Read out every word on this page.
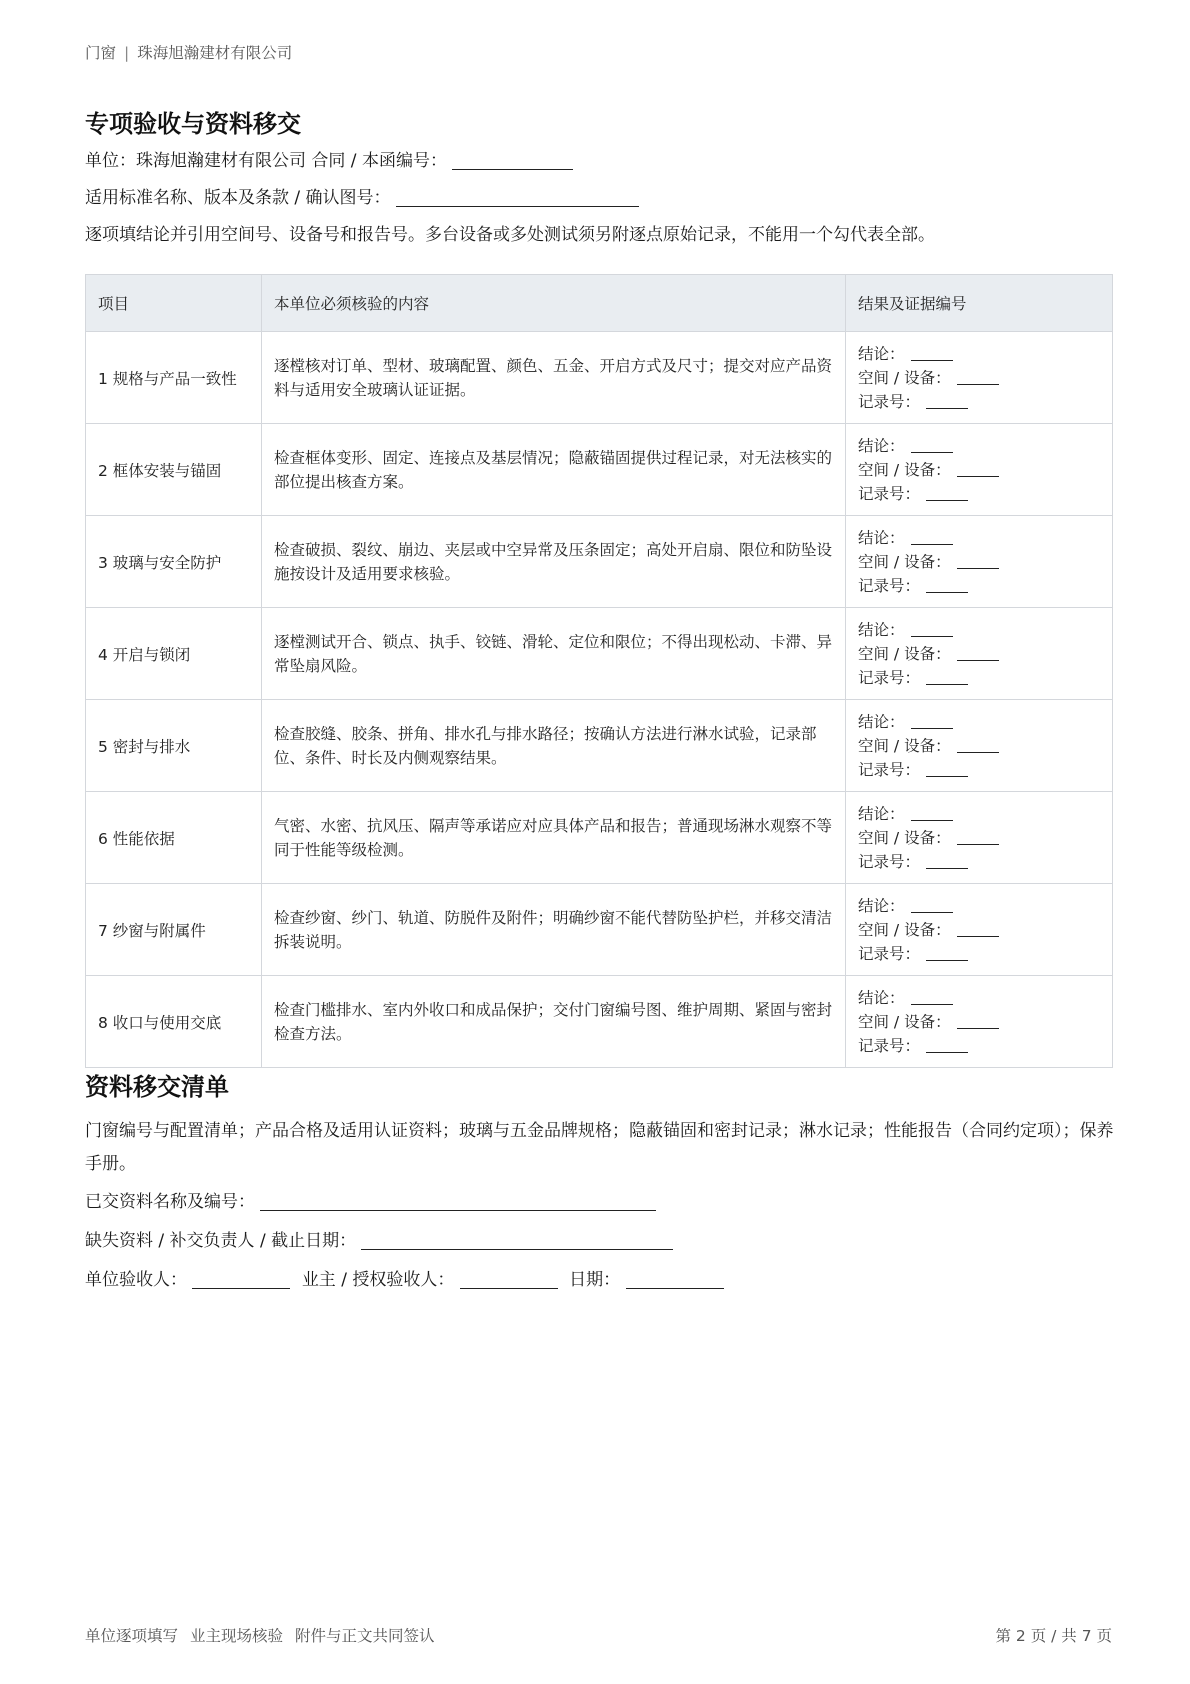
门窗 | 珠海旭瀚建材有限公司
专项验收与资料移交
单位：珠海旭瀚建材有限公司 合同 / 本函编号：
适用标准名称、版本及条款 / 确认图号：
逐项填结论并引用空间号、设备号和报告号。多台设备或多处测试须另附逐点原始记录，不能用一个勾代表全部。
项目	本单位必须核验的内容	结果及证据编号
1 规格与产品一致性	逐樘核对订单、型材、玻璃配置、颜色、五金、开启方式及尺寸；提交对应产品资料与适用安全玻璃认证证据。	结论：
空间 / 设备：
记录号：

2 框体安装与锚固	检查框体变形、固定、连接点及基层情况；隐蔽锚固提供过程记录，对无法核实的部位提出核查方案。	结论：
空间 / 设备：
记录号：

3 玻璃与安全防护	检查破损、裂纹、崩边、夹层或中空异常及压条固定；高处开启扇、限位和防坠设施按设计及适用要求核验。	结论：
空间 / 设备：
记录号：

4 开启与锁闭	逐樘测试开合、锁点、执手、铰链、滑轮、定位和限位；不得出现松动、卡滞、异常坠扇风险。	结论：
空间 / 设备：
记录号：

5 密封与排水	检查胶缝、胶条、拼角、排水孔与排水路径；按确认方法进行淋水试验，记录部位、条件、时长及内侧观察结果。	结论：
空间 / 设备：
记录号：

6 性能依据	气密、水密、抗风压、隔声等承诺应对应具体产品和报告；普通现场淋水观察不等同于性能等级检测。	结论：
空间 / 设备：
记录号：

7 纱窗与附属件	检查纱窗、纱门、轨道、防脱件及附件；明确纱窗不能代替防坠护栏，并移交清洁拆装说明。	结论：
空间 / 设备：
记录号：

8 收口与使用交底	检查门槛排水、室内外收口和成品保护；交付门窗编号图、维护周期、紧固与密封检查方法。	结论：
空间 / 设备：
记录号：
资料移交清单
门窗编号与配置清单；产品合格及适用认证资料；玻璃与五金品牌规格；隐蔽锚固和密封记录；淋水记录；性能报告（合同约定项）；保养手册。
已交资料名称及编号：
缺失资料 / 补交负责人 / 截止日期：
单位验收人：	业主 / 授权验收人：	日期：
单位逐项填写 业主现场核验 附件与正文共同签认	第 2 页 / 共 7 页
